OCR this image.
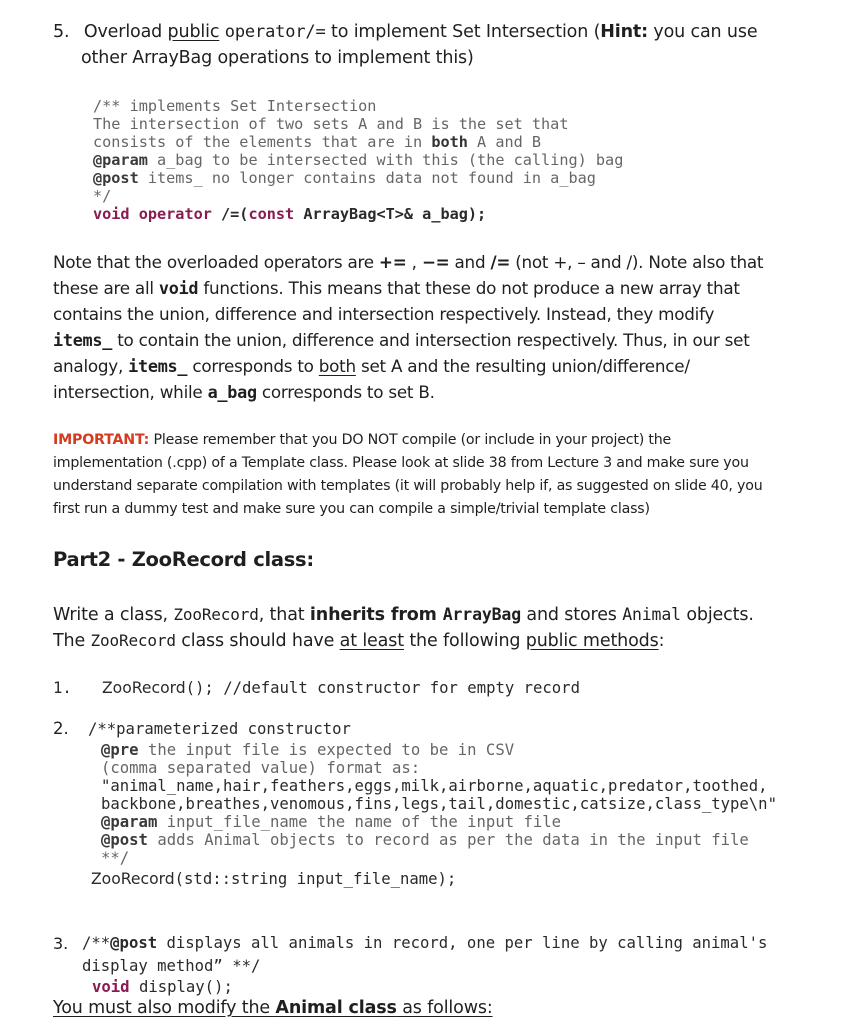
5. Overload public operator/= to implement Set Intersection (Hint: you can use
other ArrayBag operations to implement this)
/** implements Set Intersection
The intersection of two sets A and B is the set that
consists of the elements that are in both A and B
@param a_bag to be intersected with this (the calling) bag
@post items_ no longer contains data not found in a_bag
*/
void operator /=(const ArrayBag<T>& a_bag);
Note that the overloaded operators are += , −= and /= (not +, – and /). Note also that
these are all void functions. This means that these do not produce a new array that
contains the union, difference and intersection respectively. Instead, they modify
items_ to contain the union, difference and intersection respectively. Thus, in our set
analogy, items_ corresponds to both set A and the resulting union/difference/
intersection, while a_bag corresponds to set B.
IMPORTANT: Please remember that you DO NOT compile (or include in your project) the
implementation (.cpp) of a Template class. Please look at slide 38 from Lecture 3 and make sure you
understand separate compilation with templates (it will probably help if, as suggested on slide 40, you
first run a dummy test and make sure you can compile a simple/trivial template class)
Part2 - ZooRecord class:
Write a class, ZooRecord, that inherits from ArrayBag and stores Animal objects.
The ZooRecord class should have at least the following public methods:
1. ZooRecord(); //default constructor for empty record
2. /**parameterized constructor
@pre the input file is expected to be in CSV
(comma separated value) format as:
"animal_name,hair,feathers,eggs,milk,airborne,aquatic,predator,toothed,
backbone,breathes,venomous,fins,legs,tail,domestic,catsize,class_type\n"
@param input_file_name the name of the input file
@post adds Animal objects to record as per the data in the input file
**/
ZooRecord(std::string input_file_name);
3. /**@post displays all animals in record, one per line by calling animal's
display method” **/
void display();
You must also modify the Animal class as follows:
